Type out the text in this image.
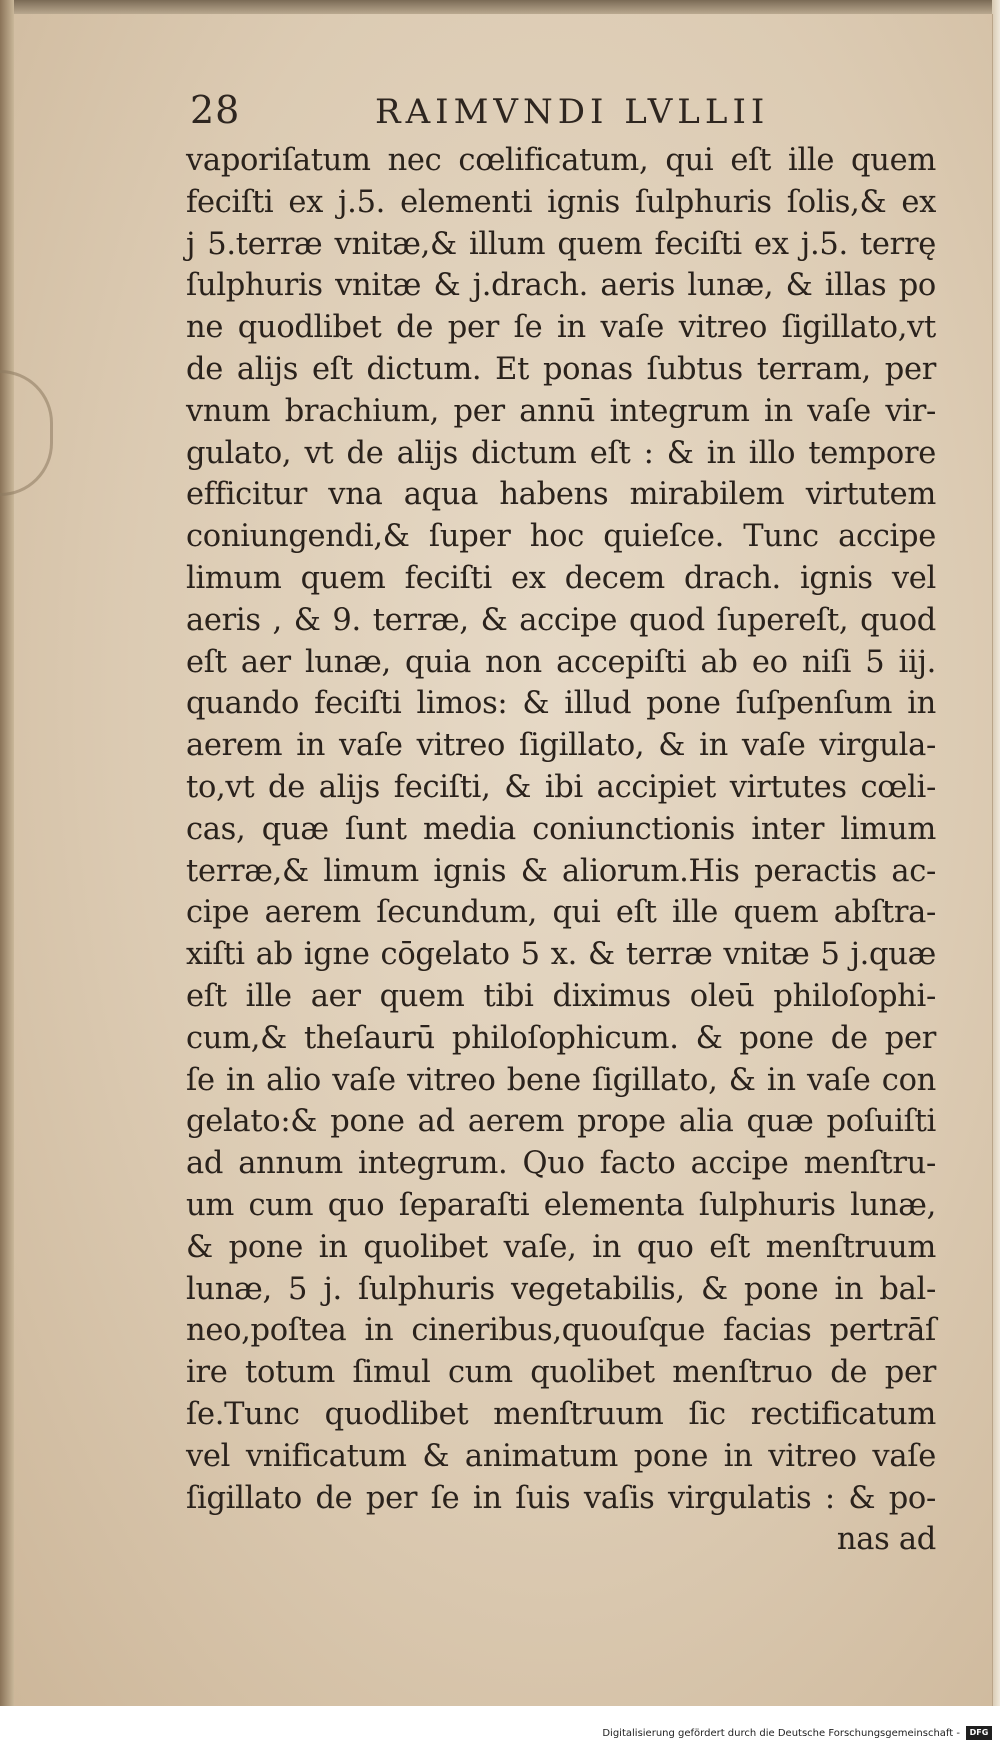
28	RAIMVNDI LVLLII
vaporiſatum nec cœlificatum, qui eſt ille quem
feciſti ex j.5. elementi ignis ſulphuris ſolis,& ex
j 5.terræ vnitæ,& illum quem feciſti ex j.5. terrę
ſulphuris vnitæ & j.drach. aeris lunæ, & illas po
ne quodlibet de per ſe in vaſe vitreo ſigillato,vt
de alijs eſt dictum. Et ponas ſubtus terram, per
vnum brachium, per annū integrum in vaſe vir-
gulato, vt de alijs dictum eſt : & in illo tempore
efficitur vna aqua habens mirabilem virtutem
coniungendi,& ſuper hoc quieſce. Tunc accipe
limum quem feciſti ex decem drach. ignis vel
aeris , & 9. terræ, & accipe quod ſupereſt, quod
eſt aer lunæ, quia non accepiſti ab eo niſi 5 iij.
quando feciſti limos: & illud pone ſuſpenſum in
aerem in vaſe vitreo ſigillato, & in vaſe virgula-
to,vt de alijs feciſti, & ibi accipiet virtutes cœli-
cas, quæ ſunt media coniunctionis inter limum
terræ,& limum ignis & aliorum.His peractis ac-
cipe aerem ſecundum, qui eſt ille quem abſtra-
xiſti ab igne cōgelato 5 x. & terræ vnitæ 5 j.quæ
eſt ille aer quem tibi diximus oleū philoſophi-
cum,& theſaurū philoſophicum. & pone de per
ſe in alio vaſe vitreo bene ſigillato, & in vaſe con
gelato:& pone ad aerem prope alia quæ poſuiſti
ad annum integrum. Quo facto accipe menſtru-
um cum quo ſeparaſti elementa ſulphuris lunæ,
& pone in quolibet vaſe, in quo eſt menſtruum
lunæ, 5 j. ſulphuris vegetabilis, & pone in bal-
neo,poſtea in cineribus,quouſque facias pertrāſ
ire totum ſimul cum quolibet menſtruo de per
ſe.Tunc quodlibet menſtruum ſic rectificatum
vel vnificatum & animatum pone in vitreo vaſe
ſigillato de per ſe in ſuis vaſis virgulatis : & po-
nas ad
Digitalisierung gefördert durch die Deutsche Forschungsgemeinschaft -	DFG
